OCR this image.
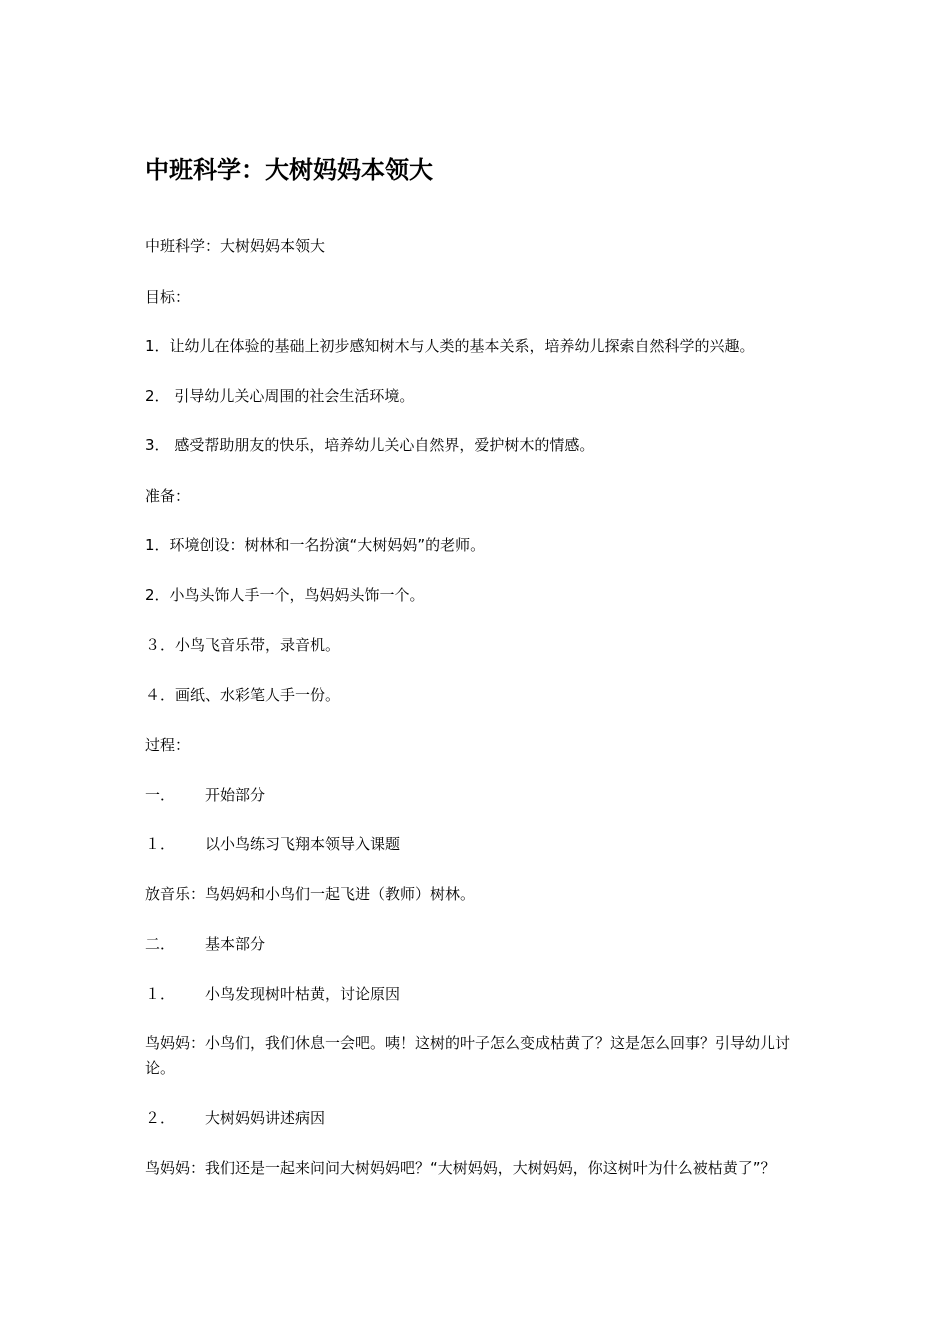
中班科学：大树妈妈本领大
中班科学：大树妈妈本领大
目标：
1．让幼儿在体验的基础上初步感知树木与人类的基本关系，培养幼儿探索自然科学的兴趣。
2． 引导幼儿关心周围的社会生活环境。
3． 感受帮助朋友的快乐，培养幼儿关心自然界，爱护树木的情感。
准备：
1．环境创设：树林和一名扮演“大树妈妈”的老师。
2．小鸟头饰人手一个，鸟妈妈头饰一个。
３．小鸟飞音乐带，录音机。
４．画纸、水彩笔人手一份。
过程：
一． 开始部分
１． 以小鸟练习飞翔本领导入课题
放音乐：鸟妈妈和小鸟们一起飞进（教师）树林。
二． 基本部分
１． 小鸟发现树叶枯黄，讨论原因
鸟妈妈：小鸟们，我们休息一会吧。咦！这树的叶子怎么变成枯黄了？这是怎么回事？引导幼儿讨论。
２． 大树妈妈讲述病因
鸟妈妈：我们还是一起来问问大树妈妈吧？“大树妈妈，大树妈妈，你这树叶为什么被枯黄了”？
